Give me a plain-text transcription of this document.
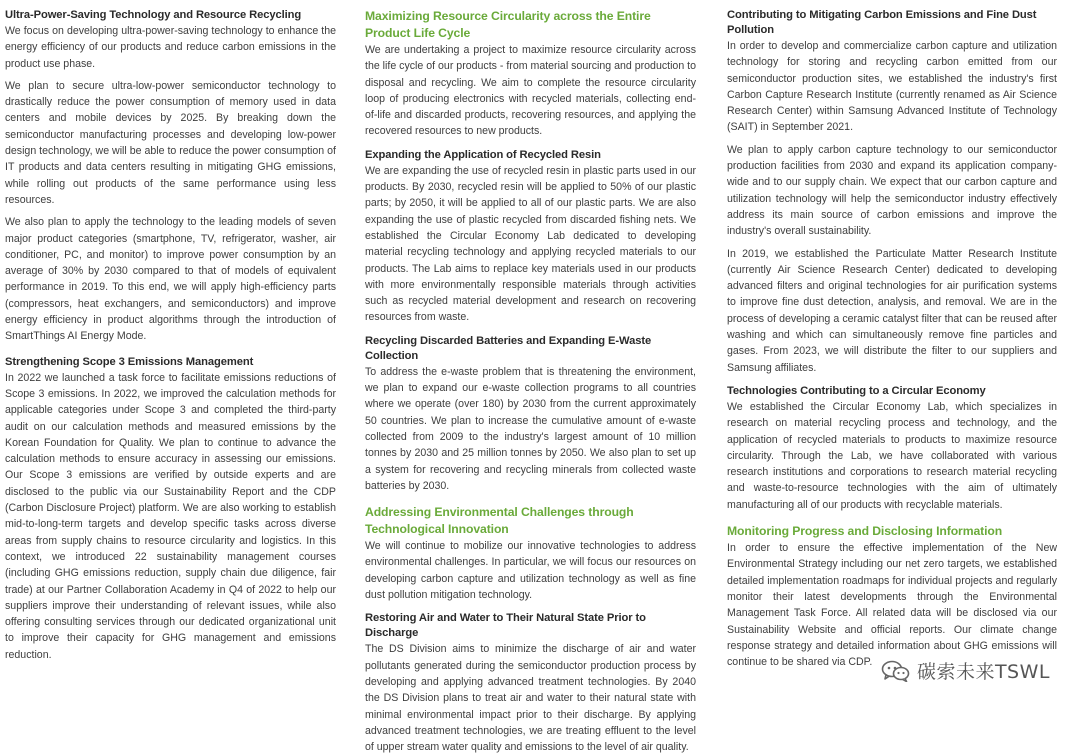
Ultra-Power-Saving Technology and Resource Recycling

We focus on developing ultra-power-saving technology to enhance the energy efficiency of our products and reduce carbon emissions in the product use phase.

We plan to secure ultra-low-power semiconductor technology to drastically reduce the power consumption of memory used in data centers and mobile devices by 2025. By breaking down the semiconductor manufacturing processes and developing low-power design technology, we will be able to reduce the power consumption of IT products and data centers resulting in mitigating GHG emissions, while rolling out products of the same performance using less resources.

We also plan to apply the technology to the leading models of seven major product categories (smartphone, TV, refrigerator, washer, air conditioner, PC, and monitor) to improve power consumption by an average of 30% by 2030 compared to that of models of equivalent performance in 2019. To this end, we will apply high-efficiency parts (compressors, heat exchangers, and semiconductors) and improve energy efficiency in product algorithms through the introduction of SmartThings AI Energy Mode.

Strengthening Scope 3 Emissions Management

In 2022 we launched a task force to facilitate emissions reductions of Scope 3 emissions. In 2022, we improved the calculation methods for applicable categories under Scope 3 and completed the third-party audit on our calculation methods and measured emissions by the Korean Foundation for Quality. We plan to continue to advance the calculation methods to ensure accuracy in assessing our emissions. Our Scope 3 emissions are verified by outside experts and are disclosed to the public via our Sustainability Report and the CDP (Carbon Disclosure Project) platform. We are also working to establish mid-to-long-term targets and develop specific tasks across diverse areas from supply chains to resource circularity and logistics. In this context, we introduced 22 sustainability management courses (including GHG emissions reduction, supply chain due diligence, fair trade) at our Partner Collaboration Academy in Q4 of 2022 to help our suppliers improve their understanding of relevant issues, while also offering consulting services through our dedicated organizational unit to improve their capacity for GHG management and emissions reduction.

Maximizing Resource Circularity across the Entire Product Life Cycle

We are undertaking a project to maximize resource circularity across the life cycle of our products - from material sourcing and production to disposal and recycling. We aim to complete the resource circularity loop of producing electronics with recycled materials, collecting end-of-life and discarded products, recovering resources, and applying the recovered resources to new products.

Expanding the Application of Recycled Resin

We are expanding the use of recycled resin in plastic parts used in our products. By 2030, recycled resin will be applied to 50% of our plastic parts; by 2050, it will be applied to all of our plastic parts. We are also expanding the use of plastic recycled from discarded fishing nets. We established the Circular Economy Lab dedicated to developing material recycling technology and applying recycled materials to our products. The Lab aims to replace key materials used in our products with more environmentally responsible materials through activities such as recycled material development and research on recovering resources from waste.

Recycling Discarded Batteries and Expanding E-Waste Collection

To address the e-waste problem that is threatening the environment, we plan to expand our e-waste collection programs to all countries where we operate (over 180) by 2030 from the current approximately 50 countries. We plan to increase the cumulative amount of e-waste collected from 2009 to the industry's largest amount of 10 million tonnes by 2030 and 25 million tonnes by 2050. We also plan to set up a system for recovering and recycling minerals from collected waste batteries by 2030.

Addressing Environmental Challenges through Technological Innovation

We will continue to mobilize our innovative technologies to address environmental challenges. In particular, we will focus our resources on developing carbon capture and utilization technology as well as fine dust pollution mitigation technology.

Restoring Air and Water to Their Natural State Prior to Discharge

The DS Division aims to minimize the discharge of air and water pollutants generated during the semiconductor production process by developing and applying advanced treatment technologies. By 2040 the DS Division plans to treat air and water to their natural state with minimal environmental impact prior to their discharge. By applying advanced treatment technologies, we are treating effluent to the level of upper stream water quality and emissions to the level of air quality.

Contributing to Mitigating Carbon Emissions and Fine Dust Pollution

In order to develop and commercialize carbon capture and utilization technology for storing and recycling carbon emitted from our semiconductor production sites, we established the industry's first Carbon Capture Research Institute (currently renamed as Air Science Research Center) within Samsung Advanced Institute of Technology (SAIT) in September 2021.

We plan to apply carbon capture technology to our semiconductor production facilities from 2030 and expand its application company-wide and to our supply chain. We expect that our carbon capture and utilization technology will help the semiconductor industry effectively address its main source of carbon emissions and improve the industry's overall sustainability.

In 2019, we established the Particulate Matter Research Institute (currently Air Science Research Center) dedicated to developing advanced filters and original technologies for air purification systems to improve fine dust detection, analysis, and removal. We are in the process of developing a ceramic catalyst filter that can be reused after washing and which can simultaneously remove fine particles and gases. From 2023, we will distribute the filter to our suppliers and Samsung affiliates.

Technologies Contributing to a Circular Economy

We established the Circular Economy Lab, which specializes in research on material recycling process and technology, and the application of recycled materials to products to maximize resource circularity. Through the Lab, we have collaborated with various research institutions and corporations to research material recycling and waste-to-resource technologies with the aim of ultimately manufacturing all of our products with recyclable materials.

Monitoring Progress and Disclosing Information

In order to ensure the effective implementation of the New Environmental Strategy including our net zero targets, we established detailed implementation roadmaps for individual projects and regularly monitor their latest developments through the Environmental Management Task Force. All related data will be disclosed via our Sustainability Website and official reports. Our climate change response strategy and detailed information about GHG emissions will continue to be shared via CDP.	碳索未来TSWL
